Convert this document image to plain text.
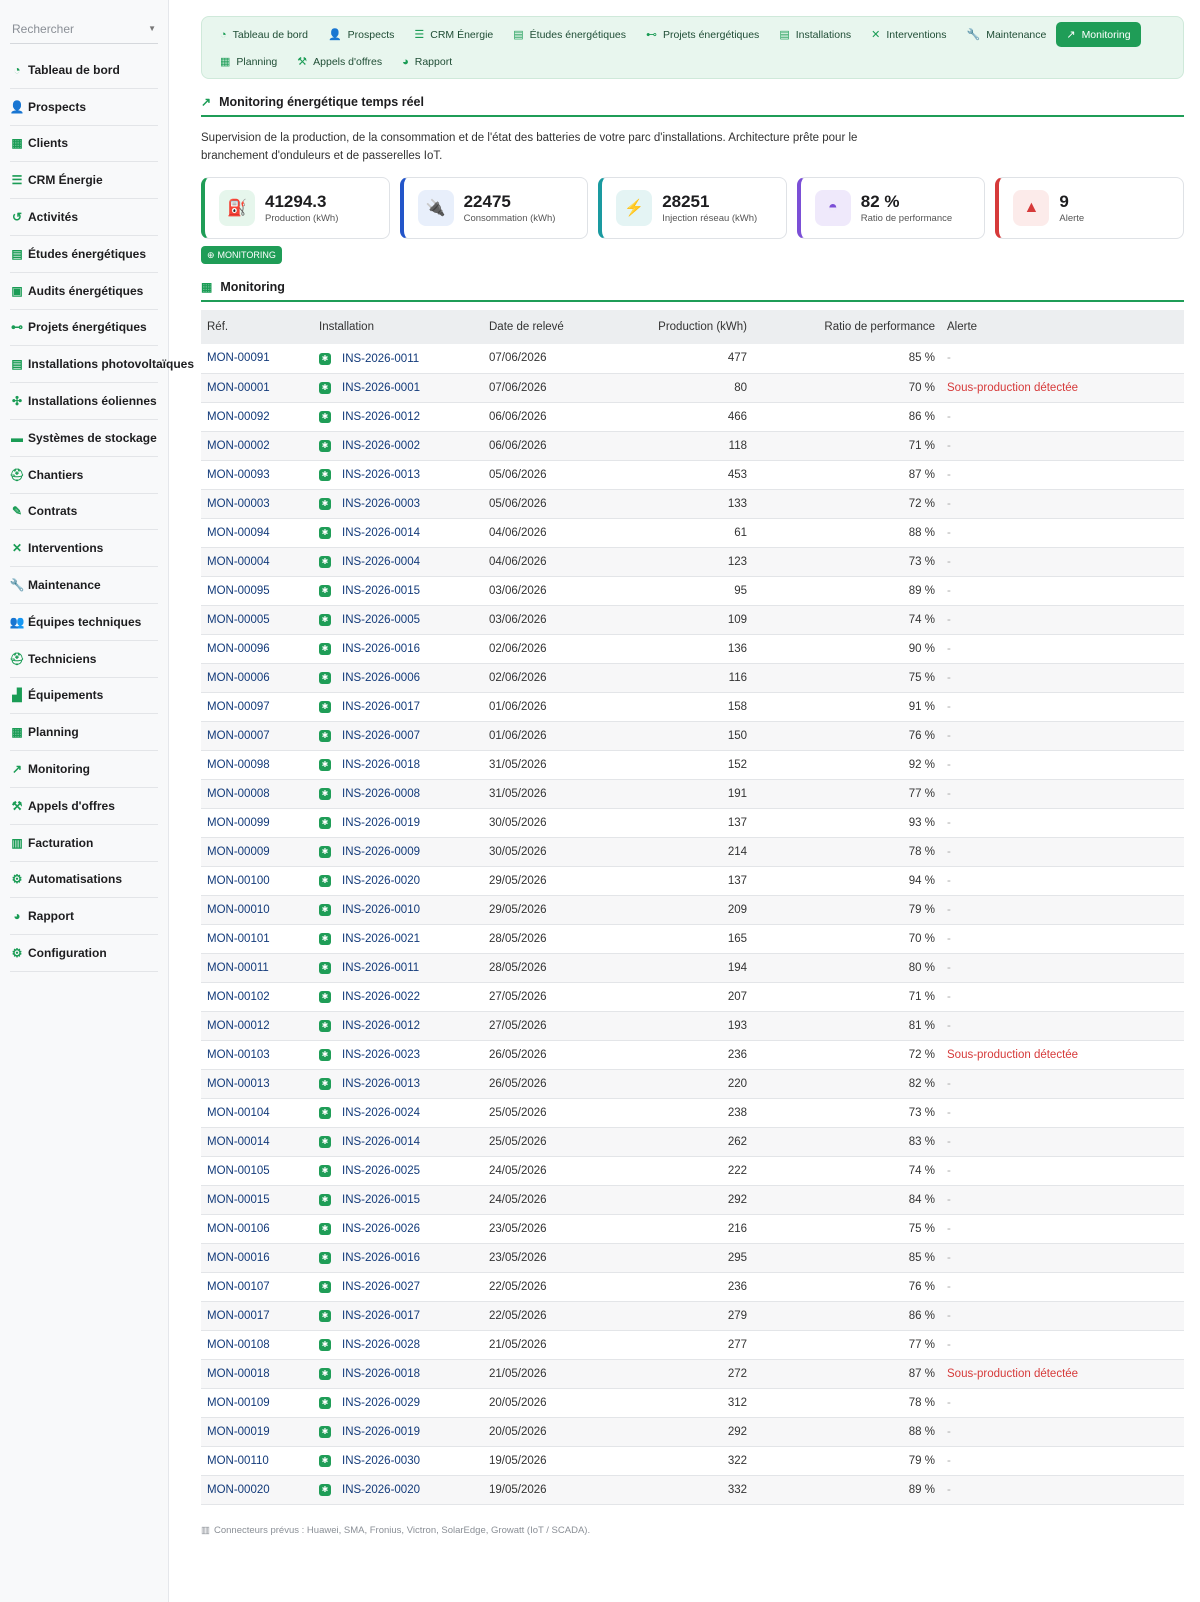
Rechercher	▼
◔ Tableau de bord
👤 Prospects
▦ Clients
☰ CRM Énergie
↺ Activités
▤ Études énergétiques
▣ Audits énergétiques
⊷ Projets énergétiques
▤ Installations photovoltaïques
✣ Installations éoliennes
▬ Systèmes de stockage
⛑ Chantiers
✎ Contrats
✕ Interventions
🔧 Maintenance
👥 Équipes techniques
⛑ Techniciens
▟ Équipements
▦ Planning
↗ Monitoring
⚒ Appels d'offres
▥ Facturation
⚙ Automatisations
◕ Rapport
⚙ Configuration
◔ Tableau de bord 👤 Prospects ☰ CRM Énergie ▤ Études énergétiques ⊷ Projets énergétiques ▤ Installations ✕ Interventions 🔧 Maintenance ↗ Monitoring
▦ Planning ⚒ Appels d'offres ◕ Rapport
↗ Monitoring énergétique temps réel

Supervision de la production, de la consommation et de l'état des batteries de votre parc d'installations. Architecture prête pour le branchement d'onduleurs et de passerelles IoT.

⛽	41294.3
Production (kWh)
🔌	22475
Consommation (kWh)
⚡	28251
Injection réseau (kWh)
◓	82 %
Ratio de performance
▲	9
Alerte
⊕ MONITORING
▦ Monitoring
Réf.	Installation	Date de relevé	Production (kWh)	Ratio de performance	Alerte
MON-00091	✱ INS-2026-0011	07/06/2026	477	85 %	-
MON-00001	✱ INS-2026-0001	07/06/2026	80	70 %	Sous-production détectée
MON-00092	✱ INS-2026-0012	06/06/2026	466	86 %	-
MON-00002	✱ INS-2026-0002	06/06/2026	118	71 %	-
MON-00093	✱ INS-2026-0013	05/06/2026	453	87 %	-
MON-00003	✱ INS-2026-0003	05/06/2026	133	72 %	-
MON-00094	✱ INS-2026-0014	04/06/2026	61	88 %	-
MON-00004	✱ INS-2026-0004	04/06/2026	123	73 %	-
MON-00095	✱ INS-2026-0015	03/06/2026	95	89 %	-
MON-00005	✱ INS-2026-0005	03/06/2026	109	74 %	-
MON-00096	✱ INS-2026-0016	02/06/2026	136	90 %	-
MON-00006	✱ INS-2026-0006	02/06/2026	116	75 %	-
MON-00097	✱ INS-2026-0017	01/06/2026	158	91 %	-
MON-00007	✱ INS-2026-0007	01/06/2026	150	76 %	-
MON-00098	✱ INS-2026-0018	31/05/2026	152	92 %	-
MON-00008	✱ INS-2026-0008	31/05/2026	191	77 %	-
MON-00099	✱ INS-2026-0019	30/05/2026	137	93 %	-
MON-00009	✱ INS-2026-0009	30/05/2026	214	78 %	-
MON-00100	✱ INS-2026-0020	29/05/2026	137	94 %	-
MON-00010	✱ INS-2026-0010	29/05/2026	209	79 %	-
MON-00101	✱ INS-2026-0021	28/05/2026	165	70 %	-
MON-00011	✱ INS-2026-0011	28/05/2026	194	80 %	-
MON-00102	✱ INS-2026-0022	27/05/2026	207	71 %	-
MON-00012	✱ INS-2026-0012	27/05/2026	193	81 %	-
MON-00103	✱ INS-2026-0023	26/05/2026	236	72 %	Sous-production détectée
MON-00013	✱ INS-2026-0013	26/05/2026	220	82 %	-
MON-00104	✱ INS-2026-0024	25/05/2026	238	73 %	-
MON-00014	✱ INS-2026-0014	25/05/2026	262	83 %	-
MON-00105	✱ INS-2026-0025	24/05/2026	222	74 %	-
MON-00015	✱ INS-2026-0015	24/05/2026	292	84 %	-
MON-00106	✱ INS-2026-0026	23/05/2026	216	75 %	-
MON-00016	✱ INS-2026-0016	23/05/2026	295	85 %	-
MON-00107	✱ INS-2026-0027	22/05/2026	236	76 %	-
MON-00017	✱ INS-2026-0017	22/05/2026	279	86 %	-
MON-00108	✱ INS-2026-0028	21/05/2026	277	77 %	-
MON-00018	✱ INS-2026-0018	21/05/2026	272	87 %	Sous-production détectée
MON-00109	✱ INS-2026-0029	20/05/2026	312	78 %	-
MON-00019	✱ INS-2026-0019	20/05/2026	292	88 %	-
MON-00110	✱ INS-2026-0030	19/05/2026	322	79 %	-
MON-00020	✱ INS-2026-0020	19/05/2026	332	89 %	-
▥ Connecteurs prévus : Huawei, SMA, Fronius, Victron, SolarEdge, Growatt (IoT / SCADA).
